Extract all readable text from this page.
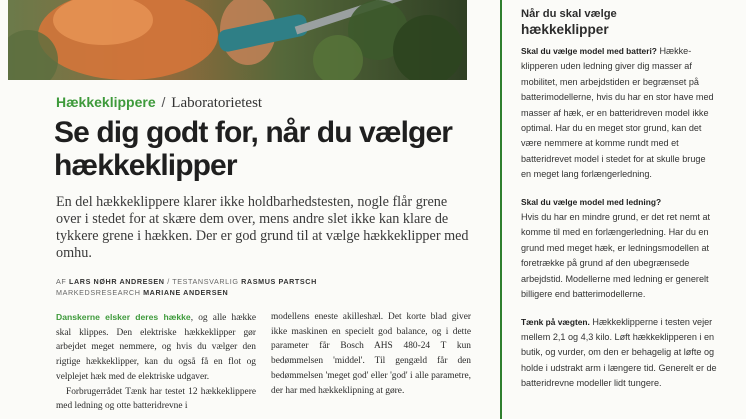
Hækkeklippere / Laboratorietest
Se dig godt for, når du vælger hækkeklipper

En del hækkeklippere klarer ikke holdbarhedstesten, nogle flår grene over i stedet for at skære dem over, mens andre slet ikke kan klare de tykkere grene i hækken. Der er god grund til at vælge hækkeklipper med omhu.

AF LARS NØHR ANDRESEN / TESTANSVARLIG RASMUS PARTSCH
MARKEDSRESEARCH MARIANE ANDERSEN

Danskerne elsker deres hække, og alle hække skal klippes. Den elektriske hækkeklipper gør arbejdet meget nemmere, og hvis du vælger den rigtige hækkeklipper, kan du også få en flot og velplejet hæk med de elektriske udgaver.

Forbrugerrådet Tænk har testet 12 hækkeklippere med ledning og otte batteridrevne i

modellens eneste akilleshæl. Det korte blad giver ikke maskinen en specielt god balance, og i dette parameter får Bosch AHS 480-24 T kun bedømmelsen 'middel'. Til gengæld får den bedømmelsen 'meget god' eller 'god' i alle parametre, der har med hækkeklipning at gøre.

Når du skal vælge
hækkeklipper

Skal du vælge model med batteri? Hækkeklipperen uden ledning giver dig masser af mobilitet, men arbejdstiden er begrænset på batterimodellerne, hvis du har en stor have med masser af hæk, er en batteridreven model ikke optimal. Har du en meget stor grund, kan det være nemmere at komme rundt med et batteridrevet model i stedet for at skulle bruge en meget lang forlængerledning.

Skal du vælge model med ledning?
Hvis du har en mindre grund, er det ret nemt at komme til med en forlængerledning. Har du en grund med meget hæk, er ledningsmodellen at foretrække på grund af den ubegrænsede arbejdstid. Modellerne med ledning er generelt billigere end batterimodellerne.

Tænk på vægten. Hækkeklipperne i testen vejer mellem 2,1 og 4,3 kilo. Løft hækkeklipperen i en butik, og vurder, om den er behagelig at løfte og holde i udstrakt arm i længere tid. Generelt er de batteridrevne modeller lidt tungere.
